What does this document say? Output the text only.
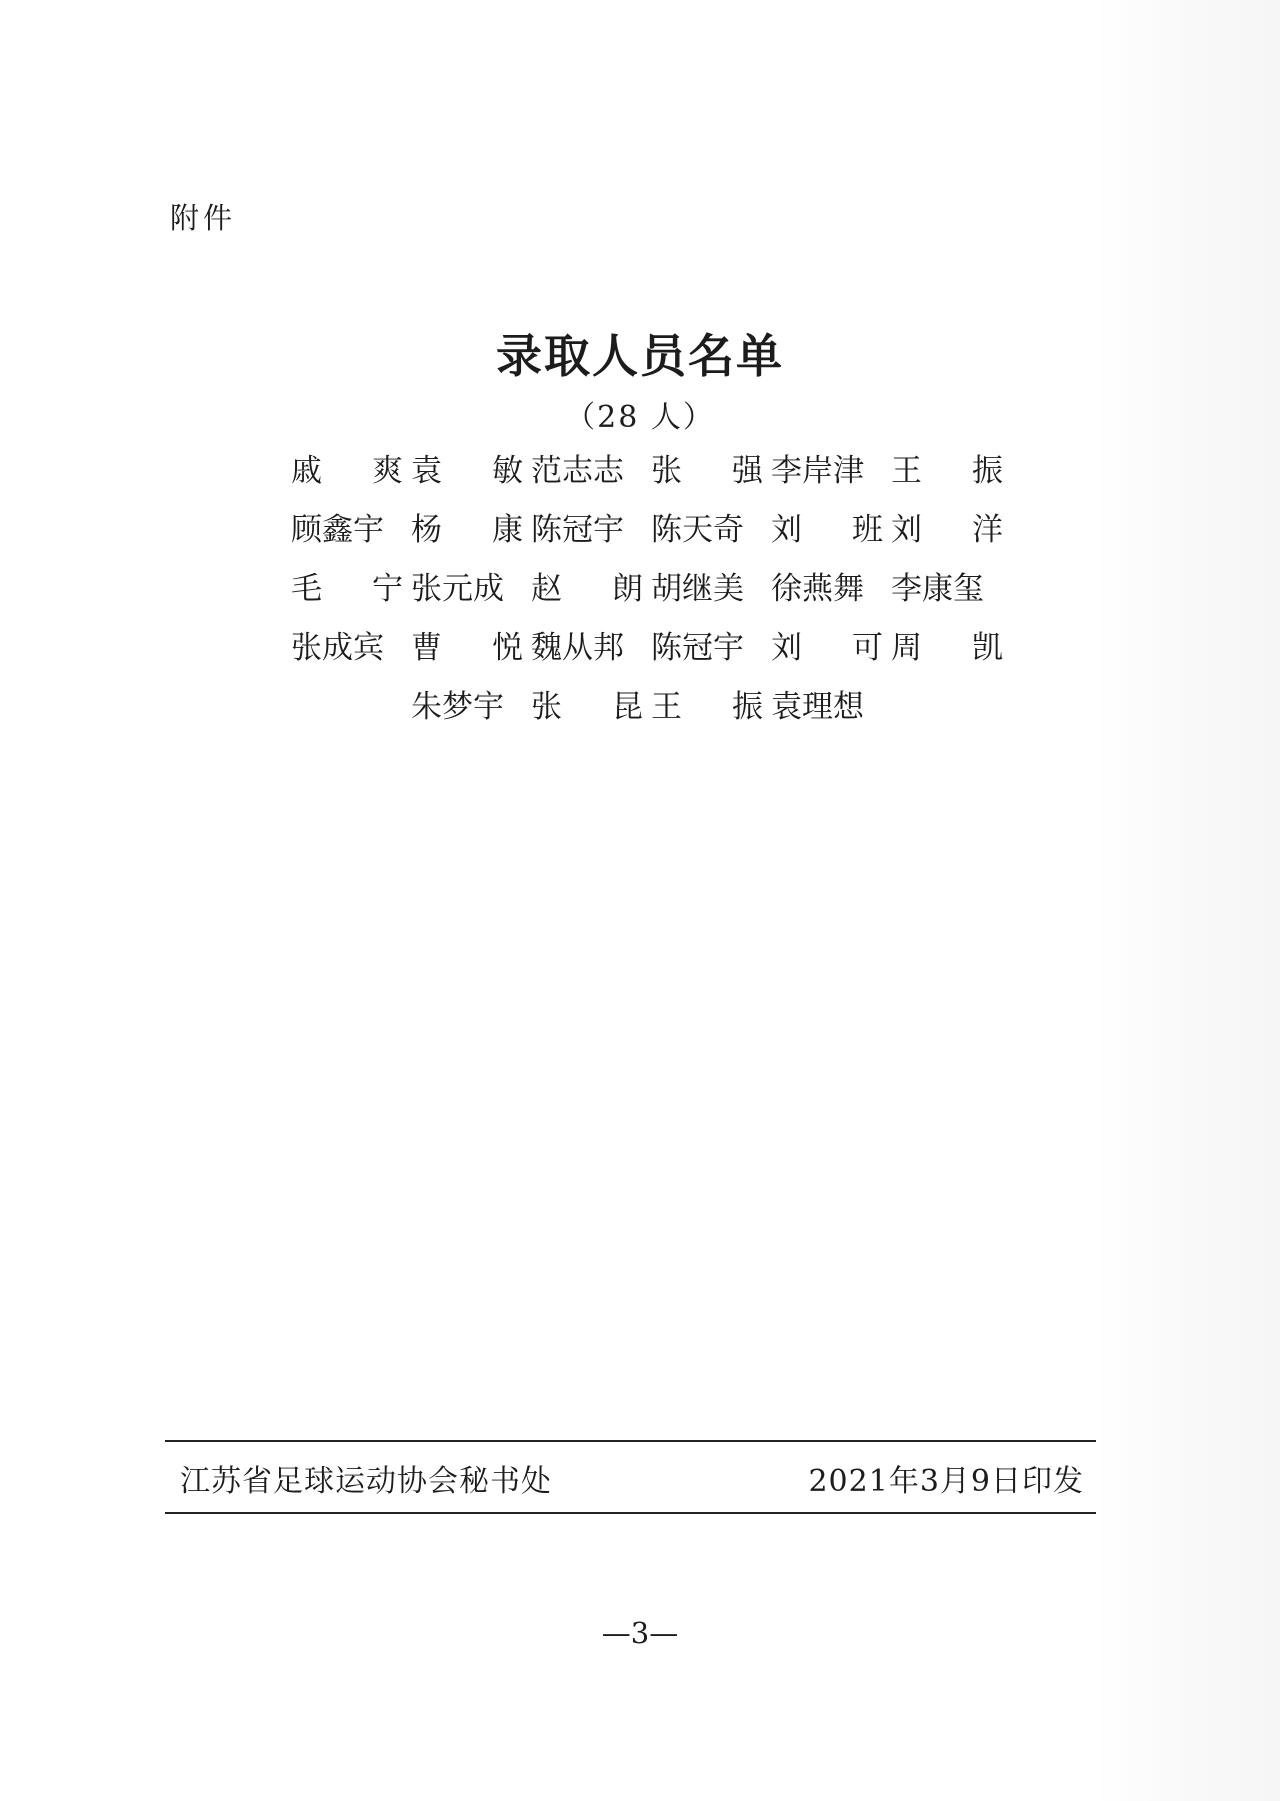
附件
录取人员名单
（28 人）
戚 爽 袁 敏 范志志 张 强 李岸津 王 振
顾鑫宇 杨 康 陈冠宇 陈天奇 刘 班 刘 洋
毛 宁 张元成 赵 朗 胡继美 徐燕舞 李康玺
张成宾 曹 悦 魏从邦 陈冠宇 刘 可 周 凯
朱梦宇 张 昆 王 振 袁理想
江苏省足球运动协会秘书处	2021年3月9日印发
—3—
